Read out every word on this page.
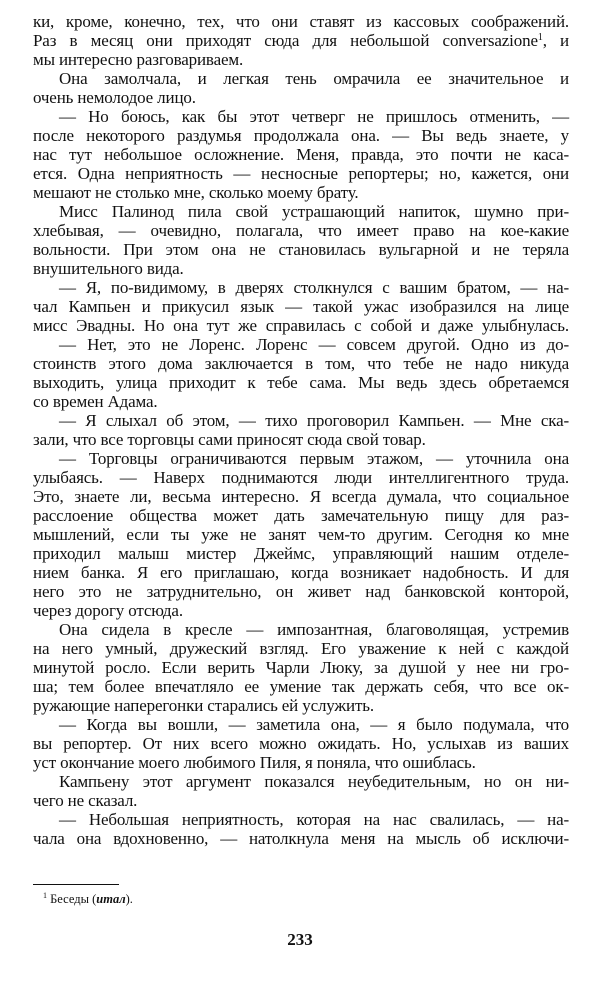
ки, кроме, конечно, тех, что они ставят из кассовых соображений.
Раз в месяц они приходят сюда для небольшой conversazione$^1$, и
мы интересно разговариваем.
Она замолчала, и легкая тень омрачила ее значительное и
очень немолодое лицо.
— Но боюсь, как бы этот четверг не пришлось отменить, —
после некоторого раздумья продолжала она. — Вы ведь знаете, у
нас тут небольшое осложнение. Меня, правда, это почти не каса-
ется. Одна неприятность — несносные репортеры; но, кажется, они
мешают не столько мне, сколько моему брату.
Мисс Палинод пила свой устрашающий напиток, шумно при-
хлебывая, — очевидно, полагала, что имеет право на кое-какие
вольности. При этом она не становилась вульгарной и не теряла
внушительного вида.
— Я, по-видимому, в дверях столкнулся с вашим братом, — на-
чал Кампьен и прикусил язык — такой ужас изобразился на лице
мисс Эвадны. Но она тут же справилась с собой и даже улыбнулась.
— Нет, это не Лоренс. Лоренс — совсем другой. Одно из до-
стоинств этого дома заключается в том, что тебе не надо никуда
выходить, улица приходит к тебе сама. Мы ведь здесь обретаемся
со времен Адама.
— Я слыхал об этом, — тихо проговорил Кампьен. — Мне ска-
зали, что все торговцы сами приносят сюда свой товар.
— Торговцы ограничиваются первым этажом, — уточнила она
улыбаясь. — Наверх поднимаются люди интеллигентного труда.
Это, знаете ли, весьма интересно. Я всегда думала, что социальное
расслоение общества может дать замечательную пищу для раз-
мышлений, если ты уже не занят чем-то другим. Сегодня ко мне
приходил малыш мистер Джеймс, управляющий нашим отделе-
нием банка. Я его приглашаю, когда возникает надобность. И для
него это не затруднительно, он живет над банковской конторой,
через дорогу отсюда.
Она сидела в кресле — импозантная, благоволящая, устремив
на него умный, дружеский взгляд. Его уважение к ней с каждой
минутой росло. Если верить Чарли Люку, за душой у нее ни гро-
ша; тем более впечатляло ее умение так держать себя, что все ок-
ружающие наперегонки старались ей услужить.
— Когда вы вошли, — заметила она, — я было подумала, что
вы репортер. От них всего можно ожидать. Но, услыхав из ваших
уст окончание моего любимого Пиля, я поняла, что ошиблась.
Кампьену этот аргумент показался неубедительным, но он ни-
чего не сказал.
— Небольшая неприятность, которая на нас свалилась, — на-
чала она вдохновенно, — натолкнула меня на мысль об исключи-
$^1$ Беседы (итал).
233
